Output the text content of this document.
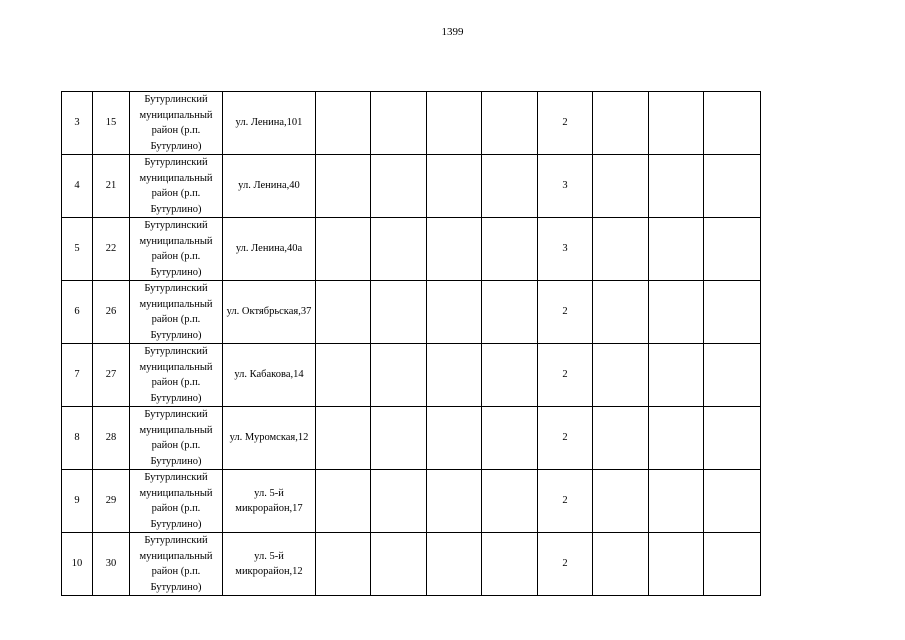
1399
3	15	Бутурлинский муниципальный район (р.п. Бутурлино)	ул. Ленина,101					2			
4	21	Бутурлинский муниципальный район (р.п. Бутурлино)	ул. Ленина,40					3			
5	22	Бутурлинский муниципальный район (р.п. Бутурлино)	ул. Ленина,40а					3			
6	26	Бутурлинский муниципальный район (р.п. Бутурлино)	ул. Октябрьская,37					2			
7	27	Бутурлинский муниципальный район (р.п. Бутурлино)	ул. Кабакова,14					2			
8	28	Бутурлинский муниципальный район (р.п. Бутурлино)	ул. Муромская,12					2			
9	29	Бутурлинский муниципальный район (р.п. Бутурлино)	ул. 5-й микрорайон,17					2			
10	30	Бутурлинский муниципальный район (р.п. Бутурлино)	ул. 5-й микрорайон,12					2			
